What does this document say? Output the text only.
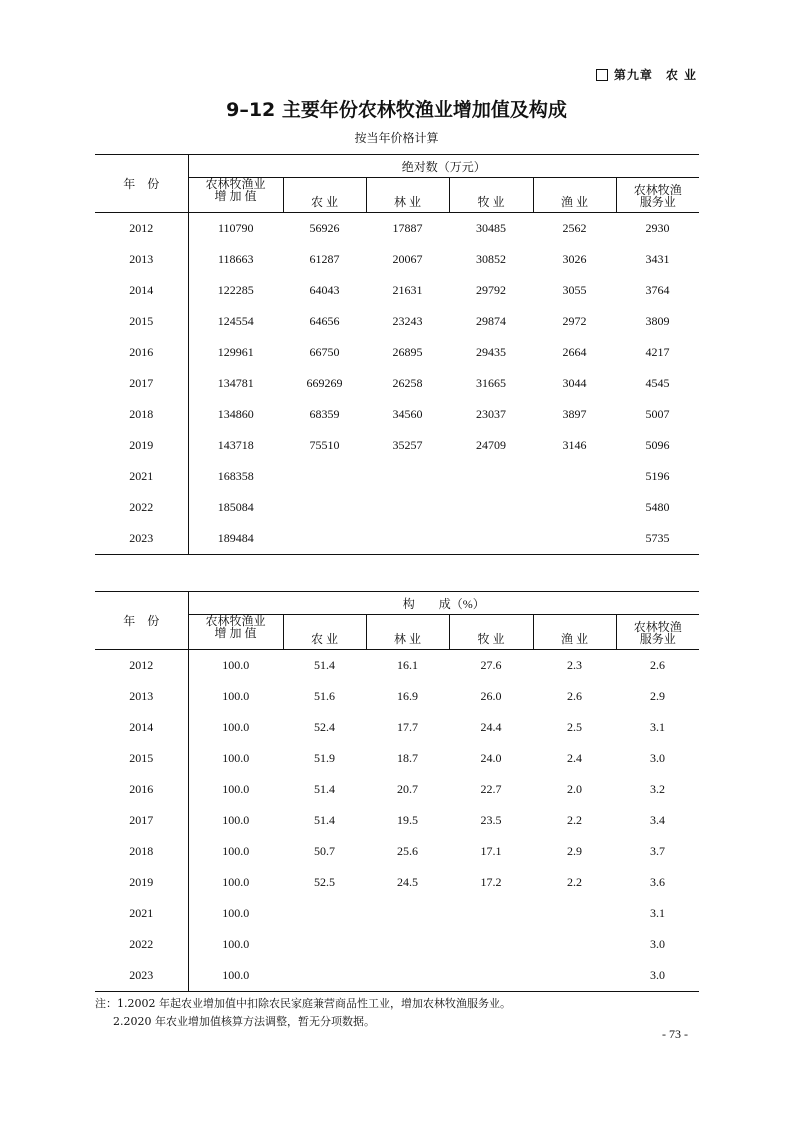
第九章　农 业
9–12 主要年份农林牧渔业增加值及构成
按当年价格计算
年　份	绝对数（万元）					
	农林牧渔业
增 加 值	农 业	林 业	牧 业	渔 业	农林牧渔
服务业
2012	110790	56926	17887	30485	2562	2930
2013	118663	61287	20067	30852	3026	3431
2014	122285	64043	21631	29792	3055	3764
2015	124554	64656	23243	29874	2972	3809
2016	129961	66750	26895	29435	2664	4217
2017	134781	669269	26258	31665	3044	4545
2018	134860	68359	34560	23037	3897	5007
2019	143718	75510	35257	24709	3146	5096
2021	168358					5196
2022	185084					5480
2023	189484					5735
年　份	构　　成（%）					
	农林牧渔业
增 加 值	农 业	林 业	牧 业	渔 业	农林牧渔
服务业
2012	100.0	51.4	16.1	27.6	2.3	2.6
2013	100.0	51.6	16.9	26.0	2.6	2.9
2014	100.0	52.4	17.7	24.4	2.5	3.1
2015	100.0	51.9	18.7	24.0	2.4	3.0
2016	100.0	51.4	20.7	22.7	2.0	3.2
2017	100.0	51.4	19.5	23.5	2.2	3.4
2018	100.0	50.7	25.6	17.1	2.9	3.7
2019	100.0	52.5	24.5	17.2	2.2	3.6
2021	100.0					3.1
2022	100.0					3.0
2023	100.0					3.0
注：1.2002 年起农业增加值中扣除农民家庭兼营商品性工业，增加农林牧渔服务业。
2.2020 年农业增加值核算方法调整，暂无分项数据。
- 73 -
